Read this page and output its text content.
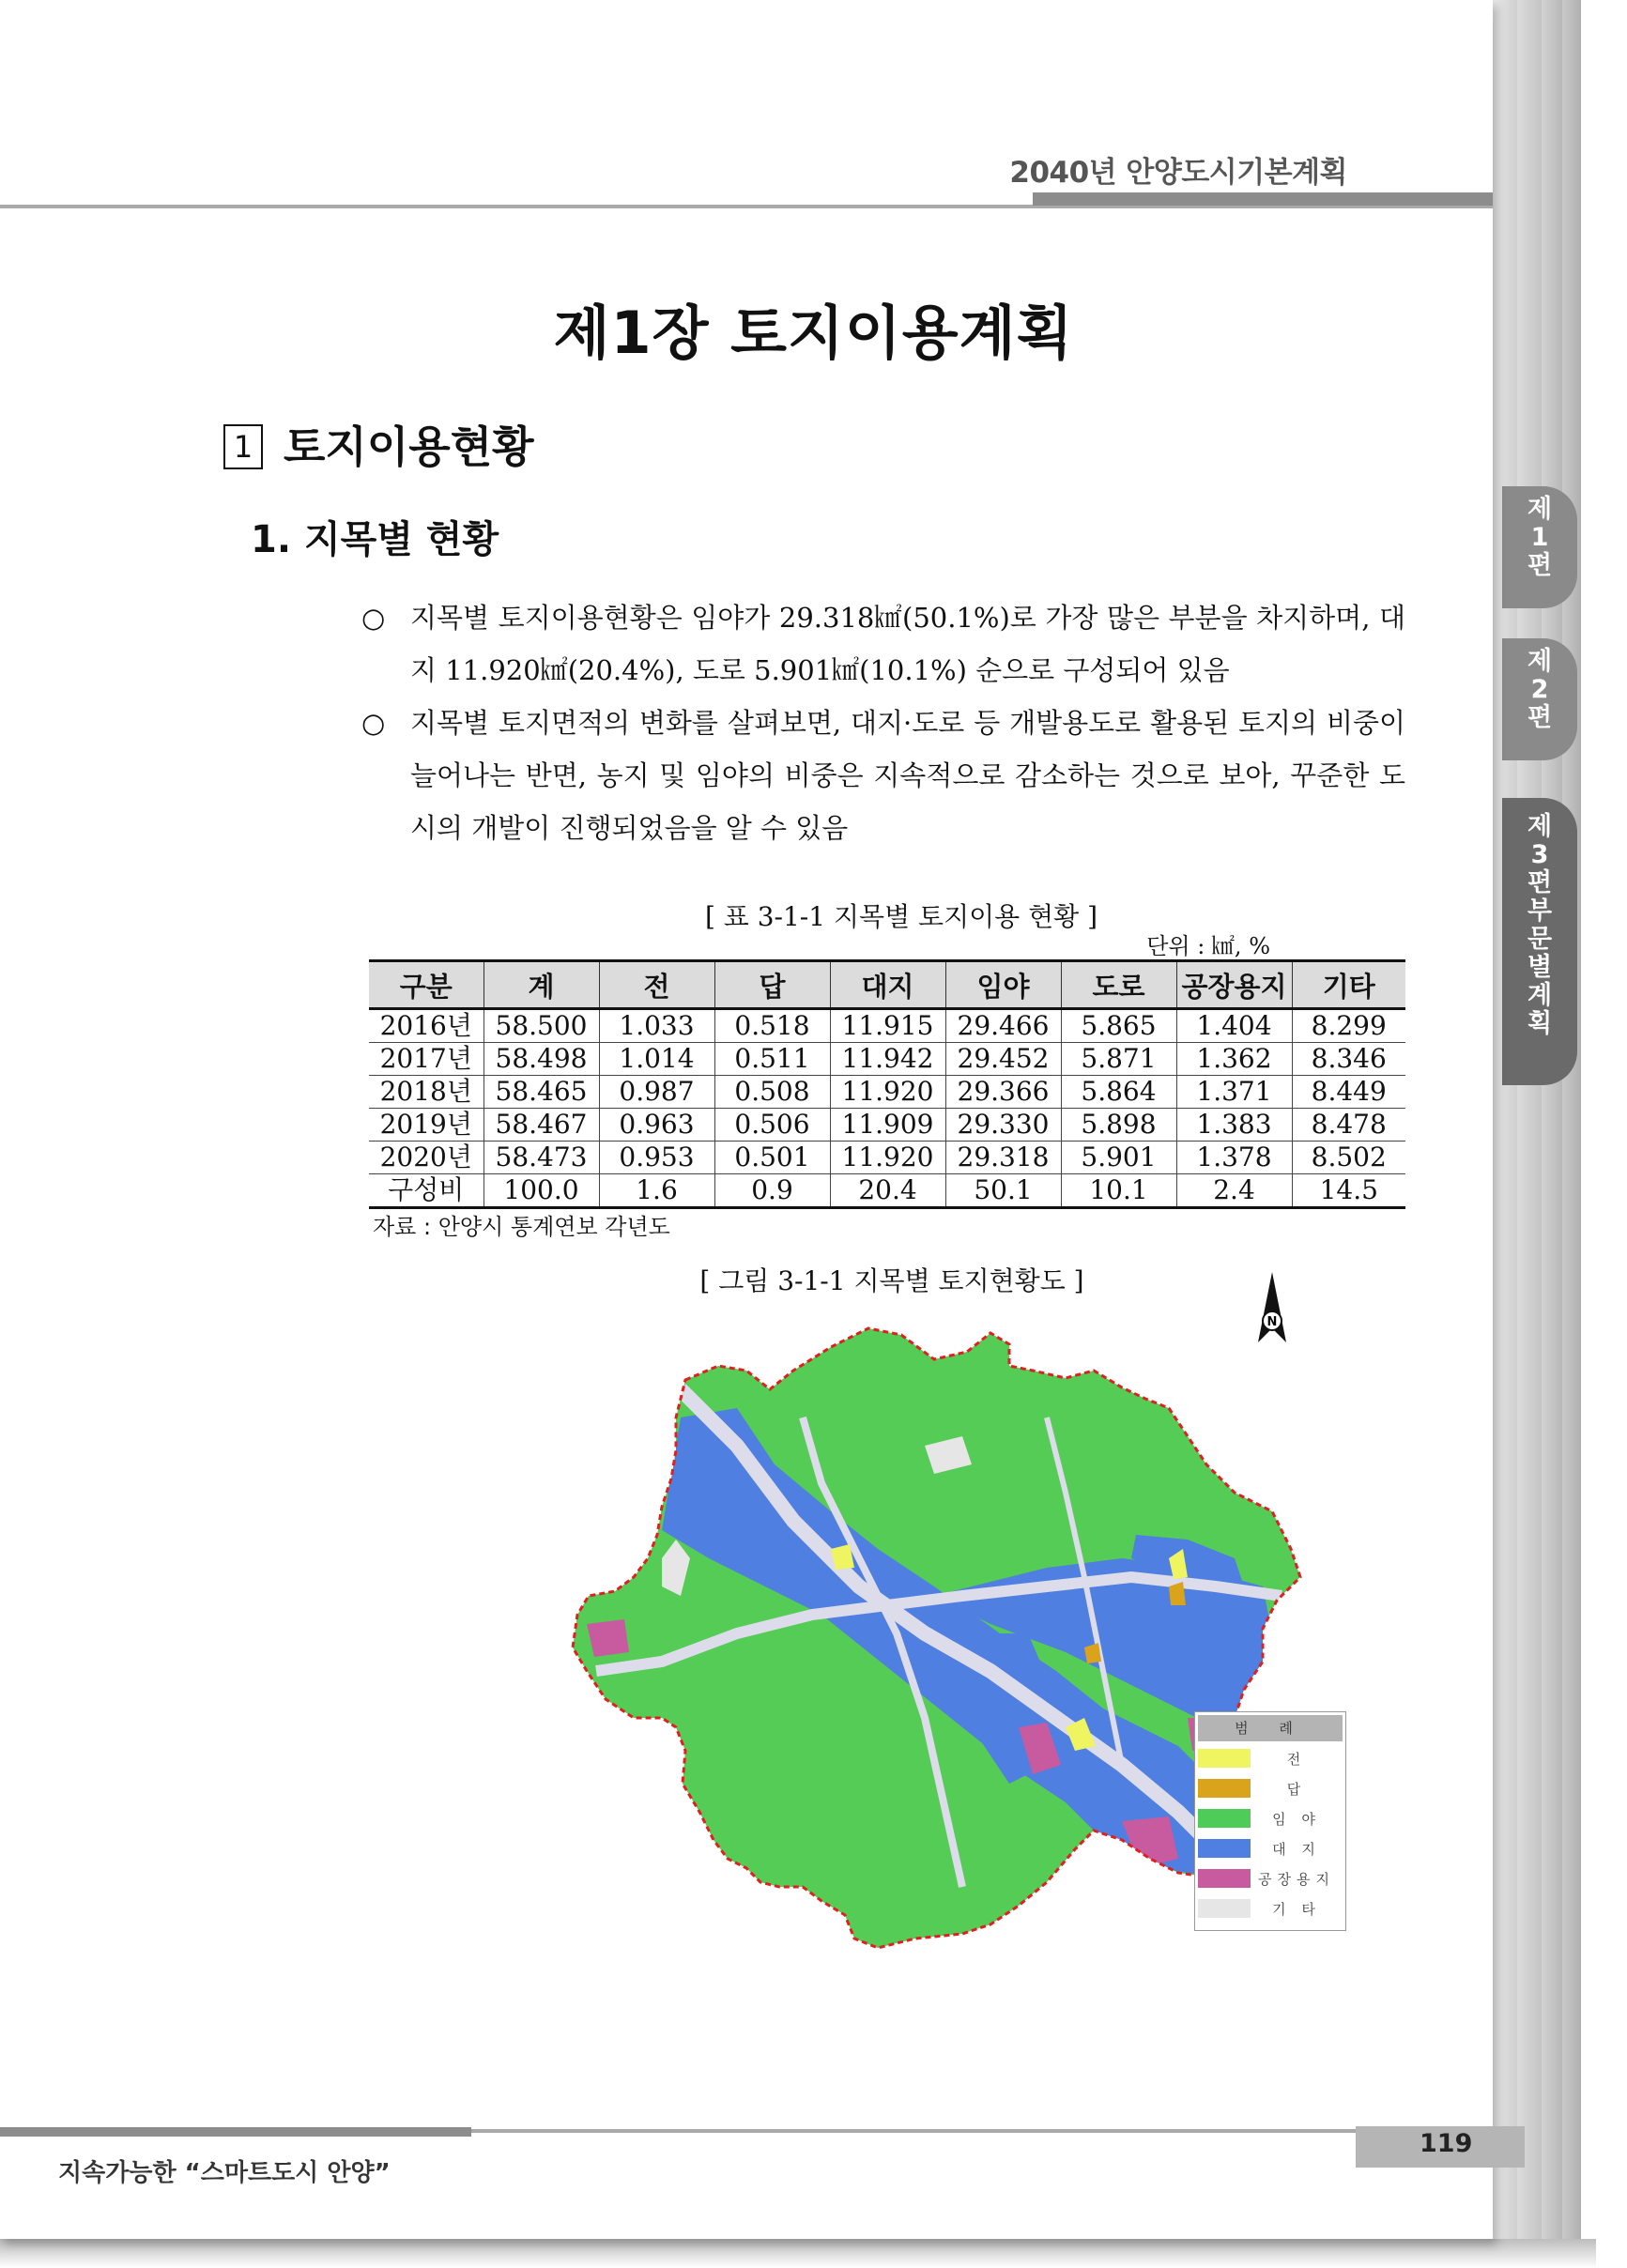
제
1
편
제
2
편
제
3
편
부
문
별
계
획
2040년 안양도시기본계획
제1장 토지이용계획
1 토지이용현황
1. 지목별 현황
○ 지목별 토지이용현황은 임야가 29.318㎢(50.1%)로 가장 많은 부분을 차지하며, 대지 11.920㎢(20.4%), 도로 5.901㎢(10.1%) 순으로 구성되어 있음
○ 지목별 토지면적의 변화를 살펴보면, 대지·도로 등 개발용도로 활용된 토지의 비중이 늘어나는 반면, 농지 및 임야의 비중은 지속적으로 감소하는 것으로 보아, 꾸준한 도시의 개발이 진행되었음을 알 수 있음
[ 표 3-1-1 지목별 토지이용 현황 ]
단위 : ㎢, %
구분	계	전	답	대지	임야	도로	공장용지	기타
2016년	58.500	1.033	0.518	11.915	29.466	5.865	1.404	8.299
2017년	58.498	1.014	0.511	11.942	29.452	5.871	1.362	8.346
2018년	58.465	0.987	0.508	11.920	29.366	5.864	1.371	8.449
2019년	58.467	0.963	0.506	11.909	29.330	5.898	1.383	8.478
2020년	58.473	0.953	0.501	11.920	29.318	5.901	1.378	8.502
구성비	100.0	1.6	0.9	20.4	50.1	10.1	2.4	14.5
자료 : 안양시 통계연보 각년도
[ 그림 3-1-1 지목별 토지현황도 ]
N
범 례
전
답
임 야
대 지
공장용지
기 타
지속가능한 “스마트도시 안양”
119
